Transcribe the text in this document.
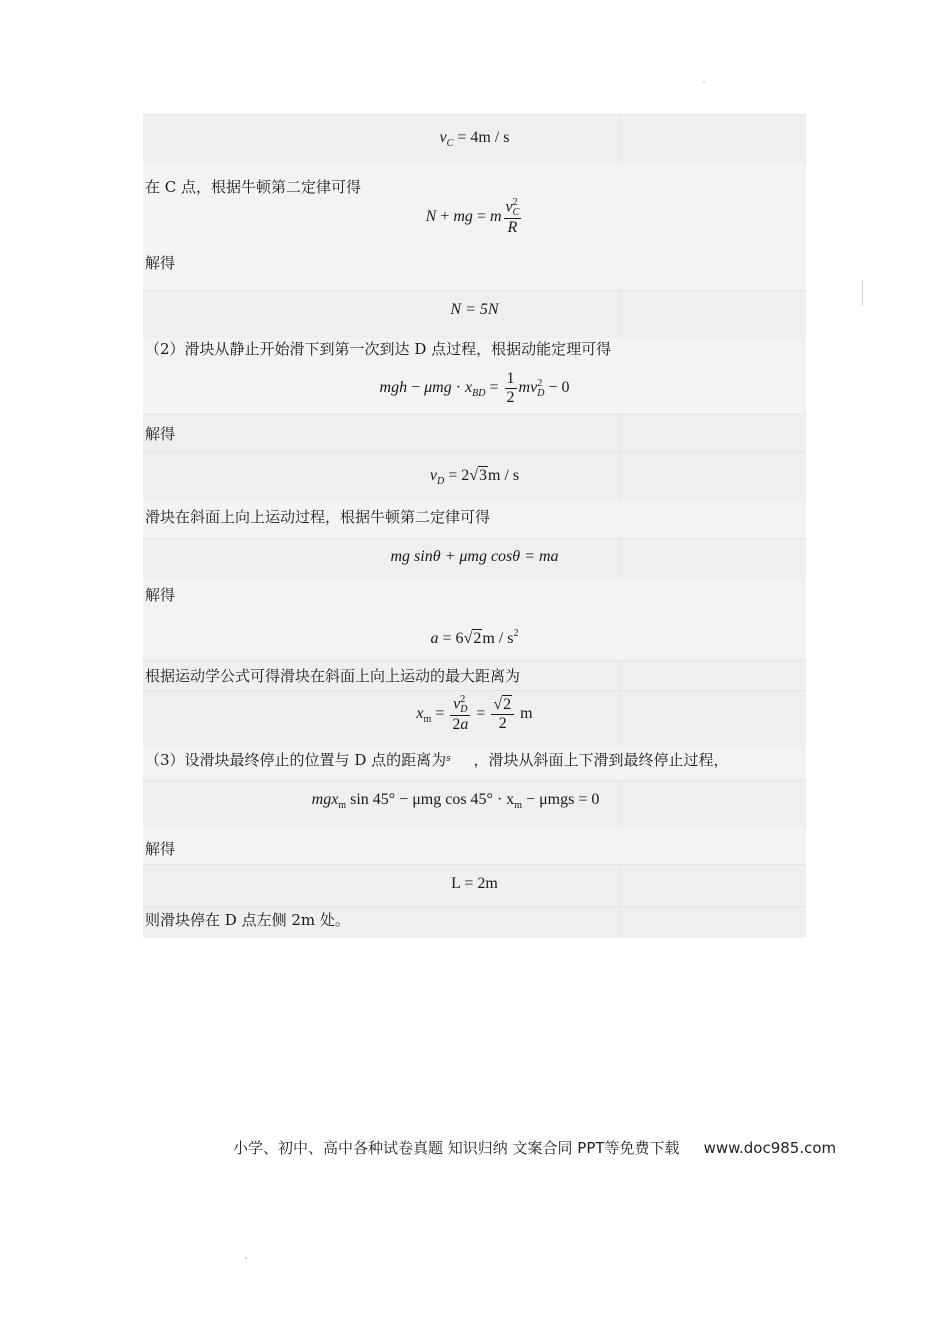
$v_C = 4m / s$
在 C 点，根据牛顿第二定律可得
N + mg = m v 2
C
R
解得
N = 5N
（2）滑块从静止开始滑下到第一次到达 D 点过程，根据动能定理可得
mgh − $\mu mg \cdot x_{BD} = \frac{1}{2}$ mv 2
D − 0
解得
$v_D = 2√3m / s$
滑块在斜面上向上运动过程，根据牛顿第二定律可得
mg sinθ + μmg cosθ = ma
解得
$a = 6√2m / s^2$
根据运动学公式可得滑块在斜面上向上运动的最大距离为
$x_m = v$ 2
D
$2a = \frac{√2}{2}$ m
（3）设滑块最终停止的位置与 D 点的距离为$^s$ ，滑块从斜面上下滑到最终停止过程，
mgx$_m$ sin 45° − μmg $\cos 45^\circ \cdot x_m - \mu mgs = 0$
解得
L = 2m
则滑块停在 D 点左侧 2m 处。
小学、初中、高中各种试卷真题 知识归纳 文案合同 PPT等免费下载 www.doc985.com
